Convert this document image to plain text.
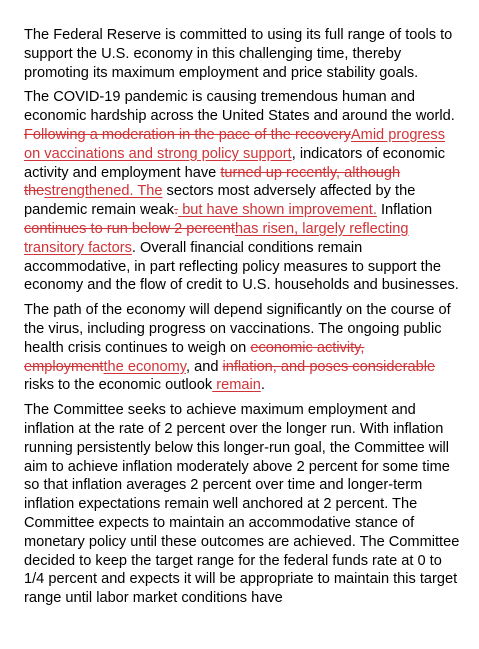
The Federal Reserve is committed to using its full range of tools to support the U.S. economy in this challenging time, thereby promoting its maximum employment and price stability goals.

The COVID-19 pandemic is causing tremendous human and economic hardship across the United States and around the world. Following a moderation in the pace of the recoveryAmid progress on vaccinations and strong policy support, indicators of economic activity and employment have turned up recently, although thestrengthened. The sectors most adversely affected by the pandemic remain weak. but have shown improvement. Inflation continues to run below 2 percenthas risen, largely reflecting transitory factors. Overall financial conditions remain accommodative, in part reflecting policy measures to support the economy and the flow of credit to U.S. households and businesses.

The path of the economy will depend significantly on the course of the virus, including progress on vaccinations. The ongoing public health crisis continues to weigh on economic activity, employmentthe economy, and inflation, and poses considerable risks to the economic outlook remain.

The Committee seeks to achieve maximum employment and inflation at the rate of 2 percent over the longer run. With inflation running persistently below this longer-run goal, the Committee will aim to achieve inflation moderately above 2 percent for some time so that inflation averages 2 percent over time and longer-term inflation expectations remain well anchored at 2 percent. The Committee expects to maintain an accommodative stance of monetary policy until these outcomes are achieved. The Committee decided to keep the target range for the federal funds rate at 0 to 1/4 percent and expects it will be appropriate to maintain this target range until labor market conditions have
